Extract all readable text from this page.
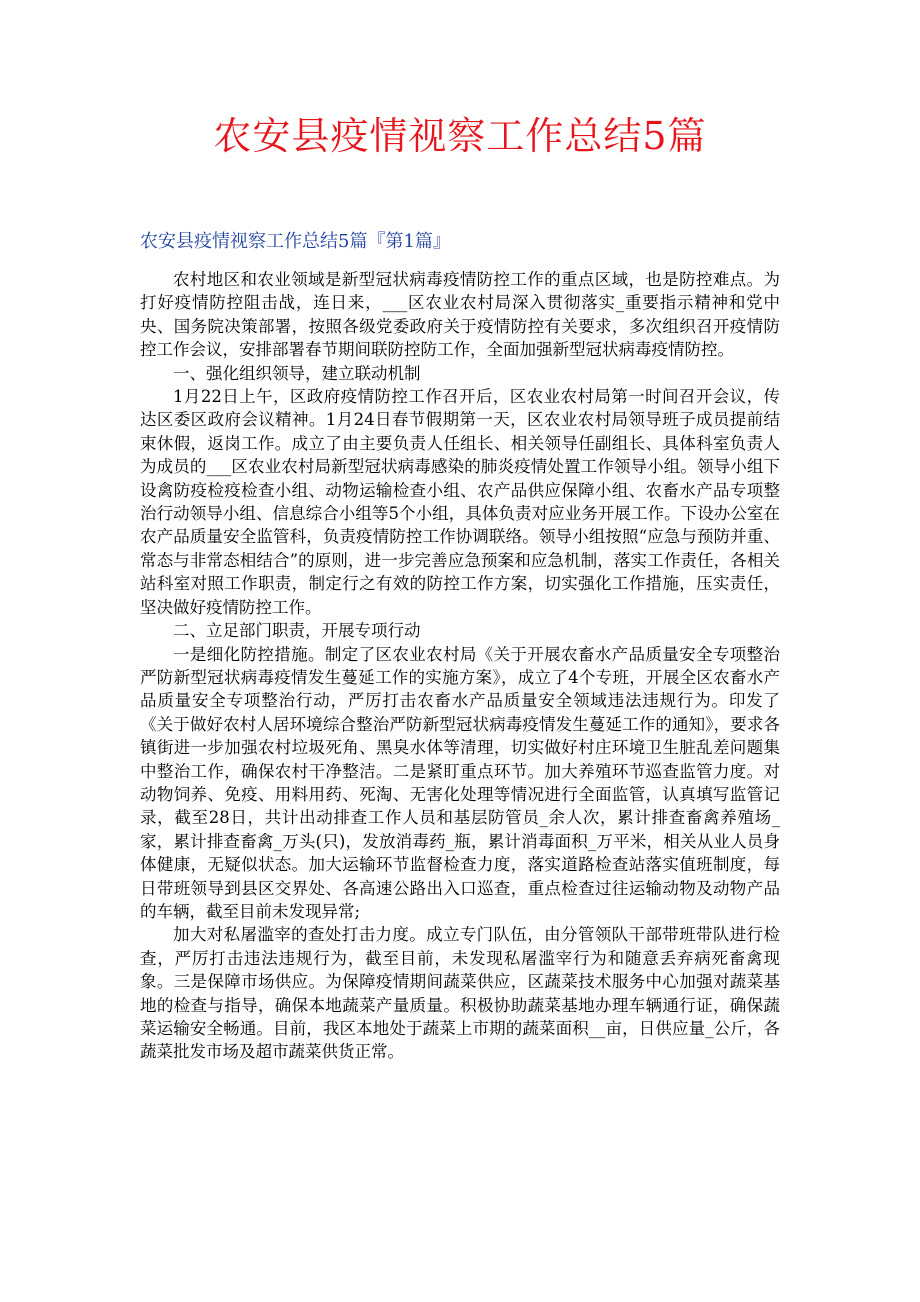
农安县疫情视察工作总结5篇
农安县疫情视察工作总结5篇『第1篇』

农村地区和农业领域是新型冠状病毒疫情防控工作的重点区域，也是防控难点。为打好疫情防控阻击战，连日来，___区农业农村局深入贯彻落实_重要指示精神和党中央、国务院决策部署，按照各级党委政府关于疫情防控有关要求，多次组织召开疫情防控工作会议，安排部署春节期间联防控防工作，全面加强新型冠状病毒疫情防控。

一、强化组织领导，建立联动机制

1月22日上午，区政府疫情防控工作召开后，区农业农村局第一时间召开会议，传达区委区政府会议精神。1月24日春节假期第一天，区农业农村局领导班子成员提前结束休假，返岗工作。成立了由主要负责人任组长、相关领导任副组长、具体科室负责人为成员的___区农业农村局新型冠状病毒感染的肺炎疫情处置工作领导小组。领导小组下设禽防疫检疫检查小组、动物运输检查小组、农产品供应保障小组、农畜水产品专项整治行动领导小组、信息综合小组等5个小组，具体负责对应业务开展工作。下设办公室在农产品质量安全监管科，负责疫情防控工作协调联络。领导小组按照“应急与预防并重、常态与非常态相结合”的原则，进一步完善应急预案和应急机制，落实工作责任，各相关站科室对照工作职责，制定行之有效的防控工作方案，切实强化工作措施，压实责任，坚决做好疫情防控工作。

二、立足部门职责，开展专项行动

一是细化防控措施。制定了区农业农村局《关于开展农畜水产品质量安全专项整治严防新型冠状病毒疫情发生蔓延工作的实施方案》，成立了4个专班，开展全区农畜水产品质量安全专项整治行动，严厉打击农畜水产品质量安全领域违法违规行为。印发了《关于做好农村人居环境综合整治严防新型冠状病毒疫情发生蔓延工作的通知》，要求各镇街进一步加强农村垃圾死角、黑臭水体等清理，切实做好村庄环境卫生脏乱差问题集中整治工作，确保农村干净整洁。二是紧盯重点环节。加大养殖环节巡查监管力度。对动物饲养、免疫、用料用药、死淘、无害化处理等情况进行全面监管，认真填写监管记录，截至28日，共计出动排查工作人员和基层防管员_余人次，累计排查畜禽养殖场_家，累计排查畜禽_万头(只)，发放消毒药_瓶，累计消毒面积_万平米，相关从业人员身体健康，无疑似状态。加大运输环节监督检查力度，落实道路检查站落实值班制度，每日带班领导到县区交界处、各高速公路出入口巡查，重点检查过往运输动物及动物产品的车辆，截至目前未发现异常;

加大对私屠滥宰的查处打击力度。成立专门队伍，由分管领队干部带班带队进行检查，严厉打击违法违规行为，截至目前，未发现私屠滥宰行为和随意丢弃病死畜禽现象。三是保障市场供应。为保障疫情期间蔬菜供应，区蔬菜技术服务中心加强对蔬菜基地的检查与指导，确保本地蔬菜产量质量。积极协助蔬菜基地办理车辆通行证，确保蔬菜运输安全畅通。目前，我区本地处于蔬菜上市期的蔬菜面积__亩，日供应量_公斤，各蔬菜批发市场及超市蔬菜供货正常。
